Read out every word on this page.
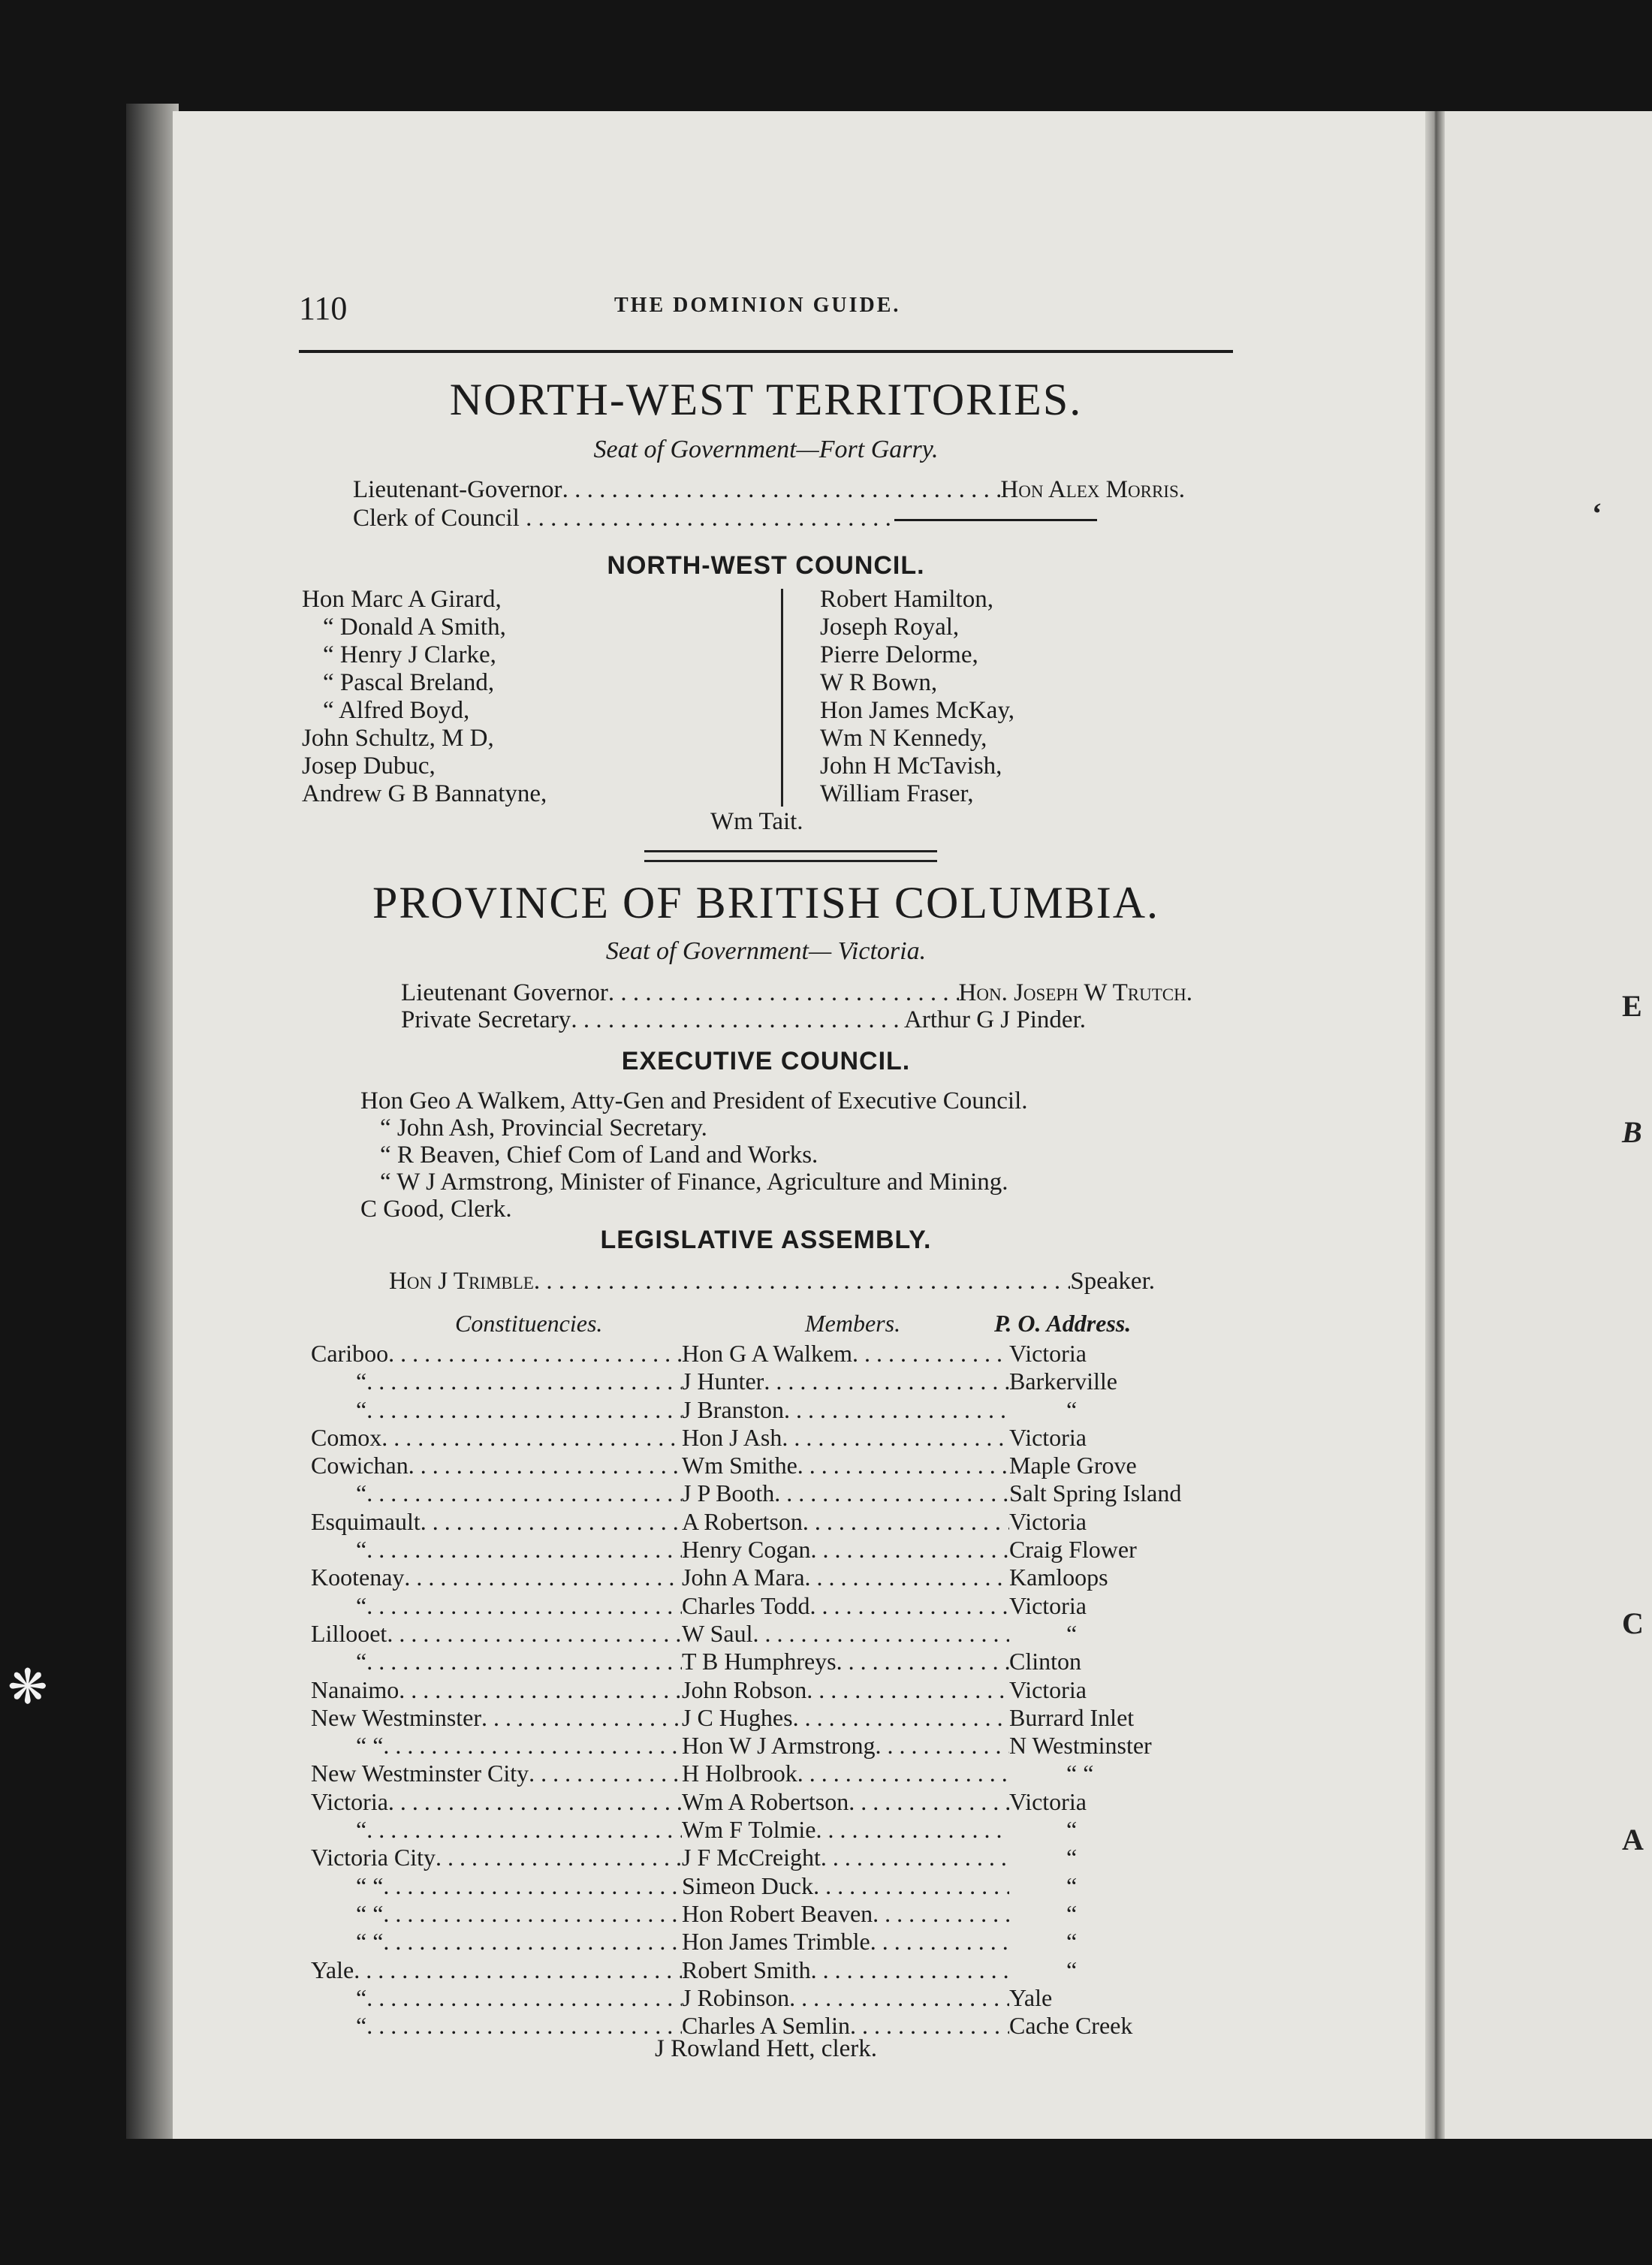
‘
E
B
C
A
❋
110	THE DOMINION GUIDE.
NORTH-WEST TERRITORIES.
Seat of Government—Fort Garry.
Lieutenant-Governor . . .	Hon Alex Morris.
Clerk of Council . . . . . . . . . . . . . . . . . . . . . . . . . . . . . .
NORTH-WEST COUNCIL.
Hon Marc A Girard,
“ Donald A Smith,
“ Henry J Clarke,
“ Pascal Breland,
“ Alfred Boyd,
John Schultz, M D,
Josep Dubuc,
Andrew G B Bannatyne,
Robert Hamilton,
Joseph Royal,
Pierre Delorme,
W R Bown,
Hon James McKay,
Wm N Kennedy,
John H McTavish,
William Fraser,
Wm Tait.
PROVINCE OF BRITISH COLUMBIA.
Seat of Government— Victoria.
Lieutenant Governor . . .	Hon. Joseph W Trutch.
Private Secretary . . .	Arthur G J Pinder.
EXECUTIVE COUNCIL.
Hon Geo A Walkem, Atty-Gen and President of Executive Council.
“ John Ash, Provincial Secretary.
“ R Beaven, Chief Com of Land and Works.
“ W J Armstrong, Minister of Finance, Agriculture and Mining.
C Good, Clerk.
LEGISLATIVE ASSEMBLY.
Hon J Trimble . . .	Speaker.
Constituencies.	Members.	P. O. Address.
Cariboo . . .	Hon G A Walkem . . .	Victoria
“ . . .	J Hunter . . .	Barkerville
“ . . .	J Branston . . .	“
Comox . . .	Hon J Ash . . .	Victoria
Cowichan . . .	Wm Smithe . . .	Maple Grove
“ . . .	J P Booth . . .	Salt Spring Island
Esquimault . . .	A Robertson . . .	Victoria
“ . . .	Henry Cogan . . .	Craig Flower
Kootenay . . .	John A Mara . . .	Kamloops
“ . . .	Charles Todd . . .	Victoria
Lillooet . . .	W Saul . . .	“
“ . . .	T B Humphreys . . .	Clinton
Nanaimo . . .	John Robson . . .	Victoria
New Westminster . . .	J C Hughes . . .	Burrard Inlet
“ “ . . .	Hon W J Armstrong . . .	N Westminster
New Westminster City . . .	H Holbrook . . .	“ “
Victoria . . .	Wm A Robertson . . .	Victoria
“ . . .	Wm F Tolmie . . .	“
Victoria City . . .	J F McCreight . . .	“
“ “ . . .	Simeon Duck . . .	“
“ “ . . .	Hon Robert Beaven . . .	“
“ “ . . .	Hon James Trimble . . .	“
Yale . . .	Robert Smith . . .	“
“ . . .	J Robinson . . .	Yale
“ . . .	Charles A Semlin . . .	Cache Creek
J Rowland Hett, clerk.
